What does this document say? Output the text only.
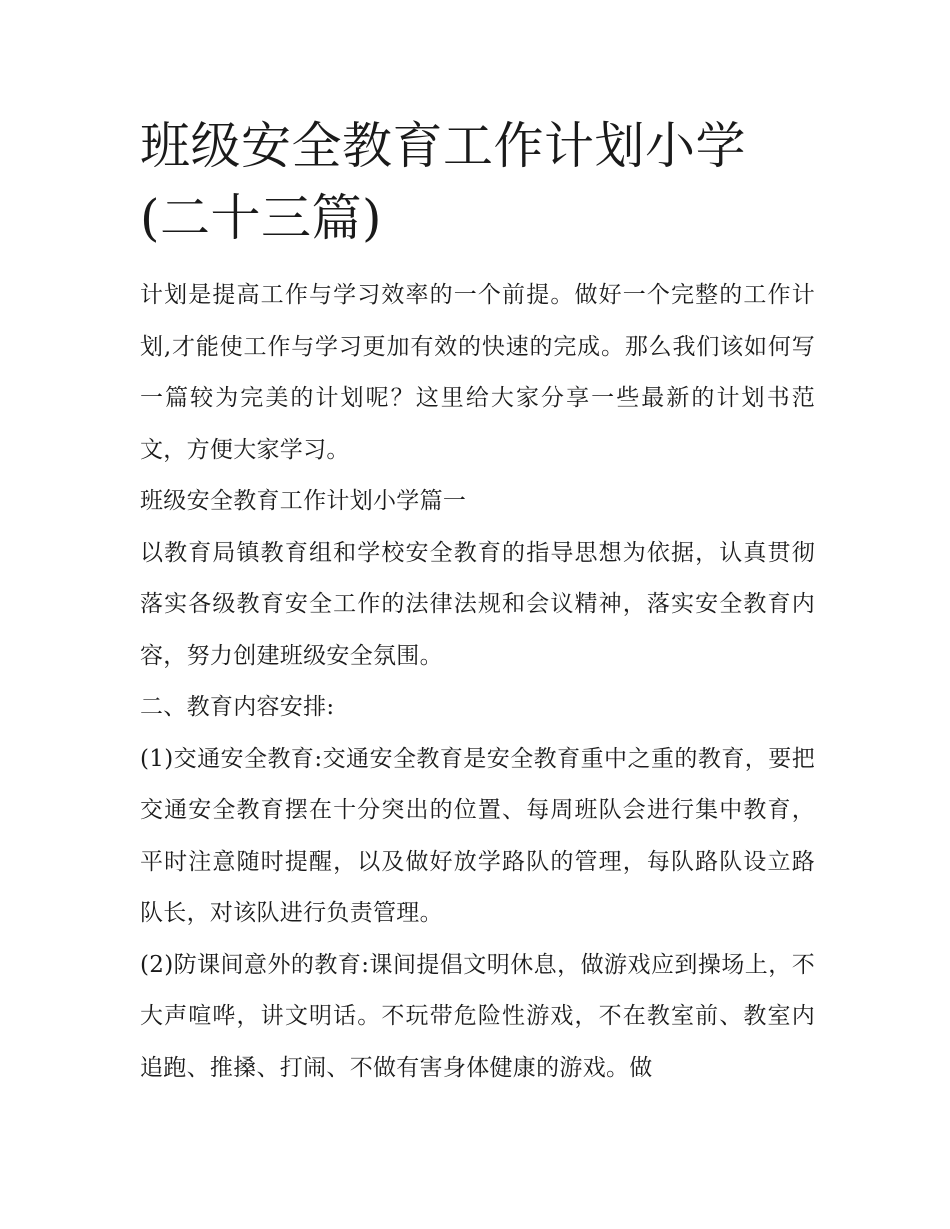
班级安全教育工作计划小学(二十三篇)

计划是提高工作与学习效率的一个前提。做好一个完整的工作计划,才能使工作与学习更加有效的快速的完成。那么我们该如何写一篇较为完美的计划呢？这里给大家分享一些最新的计划书范文，方便大家学习。

班级安全教育工作计划小学篇一

以教育局镇教育组和学校安全教育的指导思想为依据，认真贯彻落实各级教育安全工作的法律法规和会议精神，落实安全教育内容，努力创建班级安全氛围。

二、教育内容安排:

(1)交通安全教育:交通安全教育是安全教育重中之重的教育，要把交通安全教育摆在十分突出的位置、每周班队会进行集中教育，平时注意随时提醒，以及做好放学路队的管理，每队路队设立路队长，对该队进行负责管理。

(2)防课间意外的教育:课间提倡文明休息，做游戏应到操场上，不大声喧哗，讲文明话。不玩带危险性游戏，不在教室前、教室内追跑、推搡、打闹、不做有害身体健康的游戏。做
